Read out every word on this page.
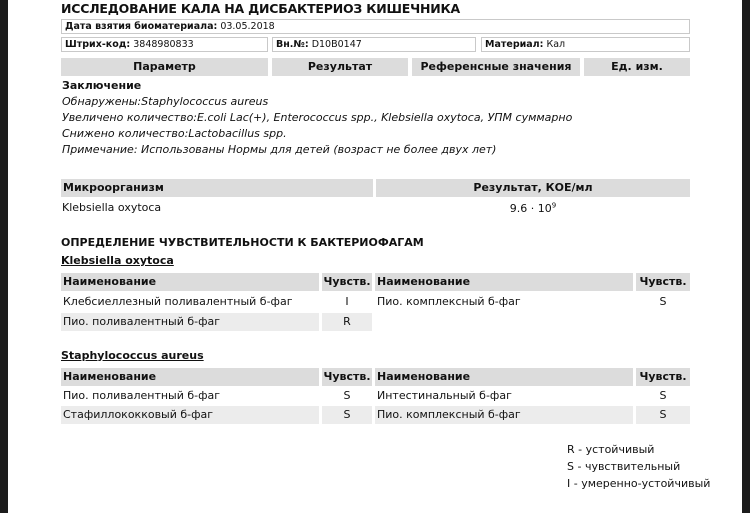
ИССЛЕДОВАНИЕ КАЛА НА ДИСБАКТЕРИОЗ КИШЕЧНИКА
Дата взятия биоматериала: 03.05.2018
Штрих-код: 3848980833	Вн.№: D10B0147	Материал: Кал
Параметр	Результат	Референсные значения	Ед. изм.
Заключение
Обнаружены:Staphylococcus aureus
Увеличено количество:E.coli Lac(+), Enterococcus spp., Klebsiella oxytoca, УПМ суммарно
Снижено количество:Lactobacillus spp.
Примечание: Использованы Нормы для детей (возраст не более двух лет)
Микроорганизм	Результат, КОЕ/мл
Klebsiella oxytoca	$9.6 \cdot 10^9$
ОПРЕДЕЛЕНИЕ ЧУВСТВИТЕЛЬНОСТИ К БАКТЕРИОФАГАМ
Klebsiella oxytoca
Наименование	Чувств. Наименование	Чувств.
Клебсиеллезный поливалентный б-фаг	I	Пио. комплексный б-фаг	S
Пио. поливалентный б-фаг	R
Staphylococcus aureus
Наименование	Чувств. Наименование	Чувств.
Пио. поливалентный б-фаг	S	Интестинальный б-фаг	S
Стафиллококковый б-фаг	S	Пио. комплексный б-фаг	S
R - устойчивый
S - чувствительный
I - умеренно-устойчивый
